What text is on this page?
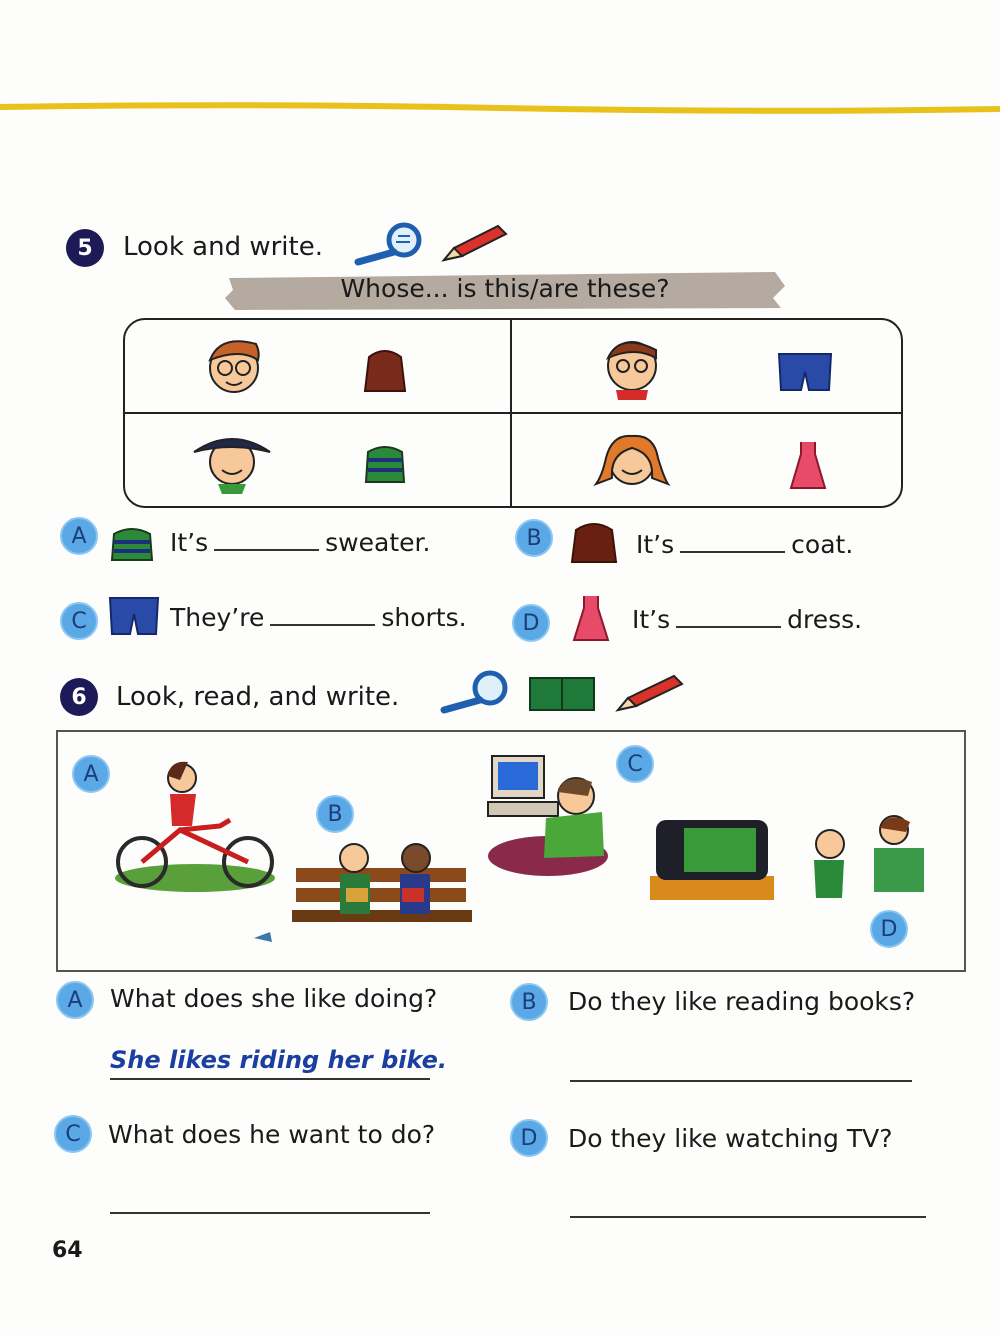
5	Look and write.
Whose... is this/are these?
A	It’s	sweater.	B	It’s	coat.
C	They’re	shorts.	D	It’s	dress.
6	Look, read, and write.
A
B
C
D
A	What does she like doing?
She likes riding her bike.
B	Do they like reading books?
C	What does he want to do?	D	Do they like watching TV?
64
